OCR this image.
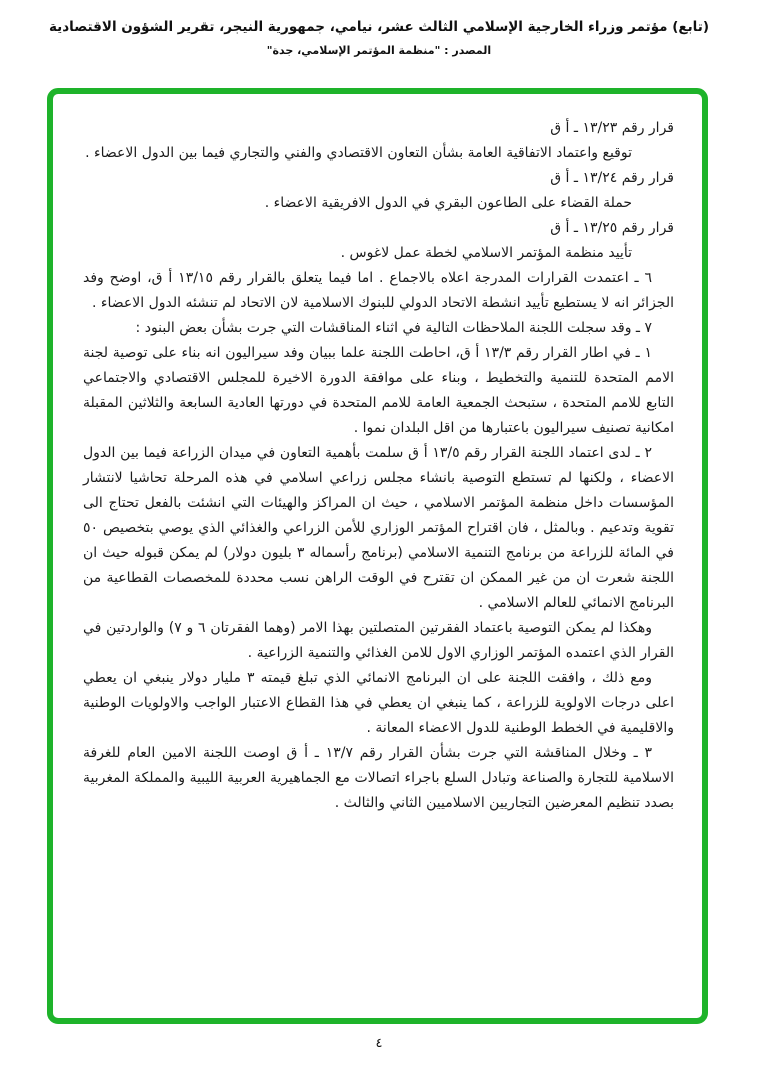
(تابع) مؤتمر وزراء الخارجية الإسلامي الثالث عشر، نيامي، جمهورية النيجر، تقرير الشؤون الاقتصادية
المصدر : "منظمة المؤتمر الإسلامي، جدة"

قرار رقم ١٣/٢٣ ـ أ ق

توقيع واعتماد الاتفاقية العامة بشأن التعاون الاقتصادي والفني والتجاري فيما بين الدول الاعضاء .

قرار رقم ١٣/٢٤ ـ أ ق

حملة القضاء على الطاعون البقري في الدول الافريقية الاعضاء .

قرار رقم ١٣/٢٥ ـ أ ق

تأييد منظمة المؤتمر الاسلامي لخطة عمل لاغوس .

٦ ـ اعتمدت القرارات المدرجة اعلاه بالاجماع . اما فيما يتعلق بالقرار رقم ١٣/١٥ أ ق، اوضح وفد الجزائر انه لا يستطيع تأييد انشطة الاتحاد الدولي للبنوك الاسلامية لان الاتحاد لم تنشئه الدول الاعضاء .

٧ ـ وقد سجلت اللجنة الملاحظات التالية في اثناء المناقشات التي جرت بشأن بعض البنود :

١ ـ في اطار القرار رقم ١٣/٣ أ ق، احاطت اللجنة علما ببيان وفد سيراليون انه بناء على توصية لجنة الامم المتحدة للتنمية والتخطيط ، وبناء على موافقة الدورة الاخيرة للمجلس الاقتصادي والاجتماعي التابع للامم المتحدة ، ستبحث الجمعية العامة للامم المتحدة في دورتها العادية السابعة والثلاثين المقبلة امكانية تصنيف سيراليون باعتبارها من اقل البلدان نموا .

٢ ـ لدى اعتماد اللجنة القرار رقم ١٣/٥ أ ق سلمت بأهمية التعاون في ميدان الزراعة فيما بين الدول الاعضاء ، ولكنها لم تستطع التوصية بانشاء مجلس زراعي اسلامي في هذه المرحلة تحاشيا لانتشار المؤسسات داخل منظمة المؤتمر الاسلامي ، حيث ان المراكز والهيئات التي انشئت بالفعل تحتاج الى تقوية وتدعيم . وبالمثل ، فان اقتراح المؤتمر الوزاري للأمن الزراعي والغذائي الذي يوصي بتخصيص ٥٠ في المائة للزراعة من برنامج التنمية الاسلامي (برنامج رأسماله ٣ بليون دولار) لم يمكن قبوله حيث ان اللجنة شعرت ان من غير الممكن ان تقترح في الوقت الراهن نسب محددة للمخصصات القطاعية من البرنامج الانمائي للعالم الاسلامي .

وهكذا لم يمكن التوصية باعتماد الفقرتين المتصلتين بهذا الامر (وهما الفقرتان ٦ و ٧) والواردتين في القرار الذي اعتمده المؤتمر الوزاري الاول للامن الغذائي والتنمية الزراعية .

ومع ذلك ، وافقت اللجنة على ان البرنامج الانمائي الذي تبلغ قيمته ٣ مليار دولار ينبغي ان يعطي اعلى درجات الاولوية للزراعة ، كما ينبغي ان يعطي في هذا القطاع الاعتبار الواجب والاولويات الوطنية والاقليمية في الخطط الوطنية للدول الاعضاء المعانة .

٣ ـ وخلال المناقشة التي جرت بشأن القرار رقم ١٣/٧ ـ أ ق اوصت اللجنة الامين العام للغرفة الاسلامية للتجارة والصناعة وتبادل السلع باجراء اتصالات مع الجماهيرية العربية الليبية والمملكة المغربية بصدد تنظيم المعرضين التجاريين الاسلاميين الثاني والثالث .

٤
